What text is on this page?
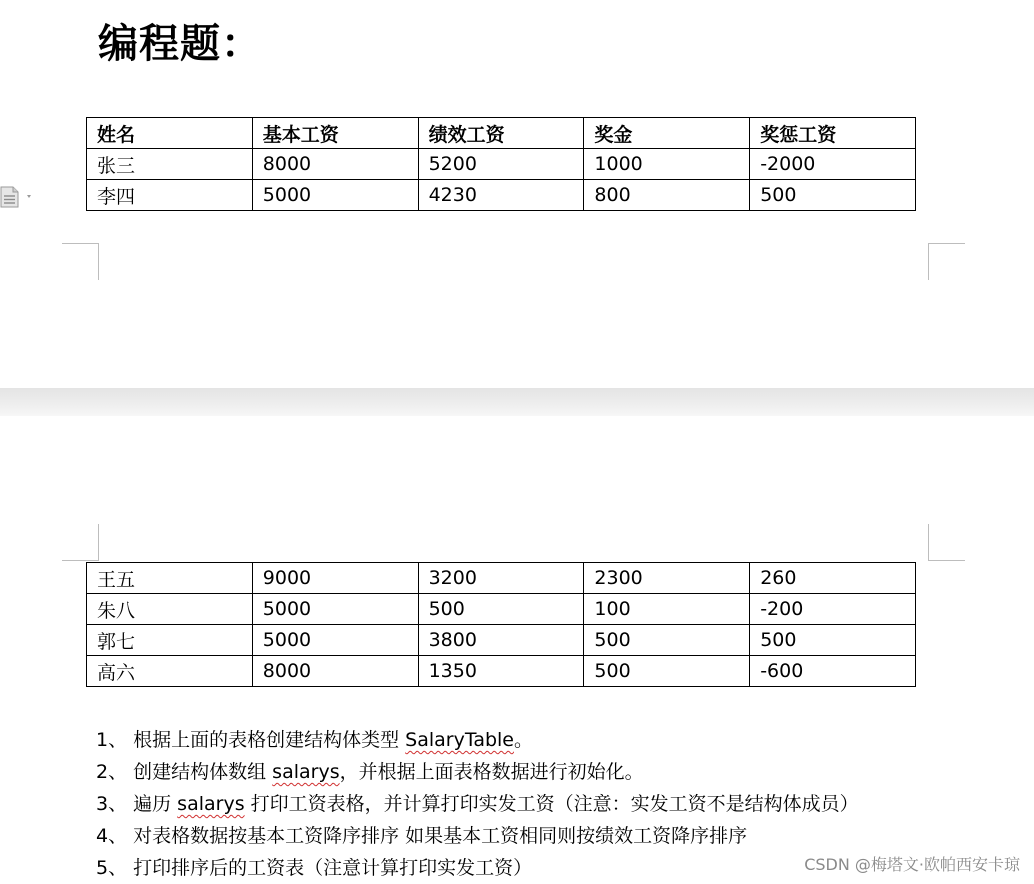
编程题：
姓名	基本工资	绩效工资	奖金	奖惩工资
张三	8000	5200	1000	-2000
李四	5000	4230	800	500
王五	9000	3200	2300	260
朱八	5000	500	100	-200
郭七	5000	3800	500	500
高六	8000	1350	500	-600
1、 根据上面的表格创建结构体类型 SalaryTable。
2、 创建结构体数组 salarys，并根据上面表格数据进行初始化。
3、 遍历 salarys 打印工资表格，并计算打印实发工资（注意：实发工资不是结构体成员）
4、 对表格数据按基本工资降序排序 如果基本工资相同则按绩效工资降序排序
5、 打印排序后的工资表（注意计算打印实发工资）	CSDN @梅塔文·欧帕西安卡琼
